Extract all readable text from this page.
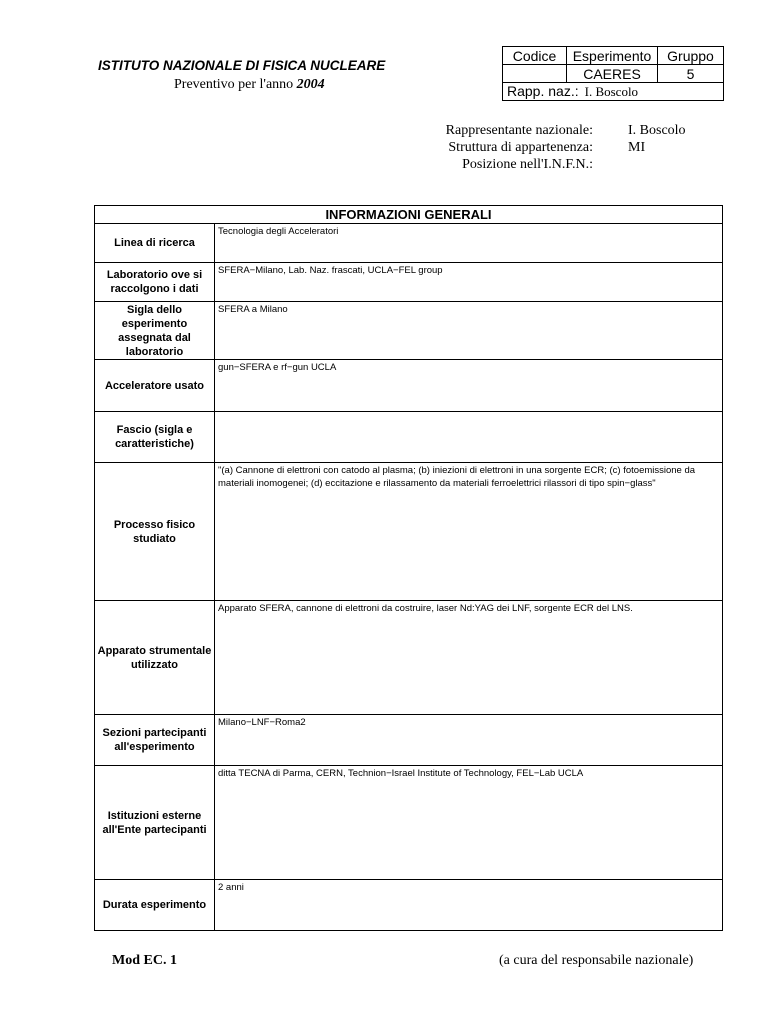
ISTITUTO NAZIONALE DI FISICA NUCLEARE
Preventivo per l'anno 2004
Codice	Esperimento	Gruppo
	CAERES	5
Rapp. naz.: I. Boscolo		
Rappresentante nazionale:	I. Boscolo
Struttura di appartenenza:	MI
Posizione nell'I.N.F.N.:
INFORMAZIONI GENERALI	
Linea di ricerca	Tecnologia degli Acceleratori
Laboratorio ove si raccolgono i dati	SFERA−Milano, Lab. Naz. frascati, UCLA−FEL group
Sigla dello esperimento assegnata dal laboratorio	SFERA a Milano
Acceleratore usato	gun−SFERA e rf−gun UCLA
Fascio (sigla e caratteristiche)	
Processo fisico studiato	"(a) Cannone di elettroni con catodo al plasma; (b) iniezioni di elettroni in una sorgente ECR; (c) fotoemissione da materiali inomogenei; (d) eccitazione e rilassamento da materiali ferroelettrici rilassori di tipo spin−glass"
Apparato strumentale utilizzato	Apparato SFERA, cannone di elettroni da costruire, laser Nd:YAG dei LNF, sorgente ECR del LNS.
Sezioni partecipanti all'esperimento	Milano−LNF−Roma2
Istituzioni esterne all'Ente partecipanti	ditta TECNA di Parma, CERN, Technion−Israel Institute of Technology, FEL−Lab UCLA
Durata esperimento	2 anni
Mod EC. 1	(a cura del responsabile nazionale)
